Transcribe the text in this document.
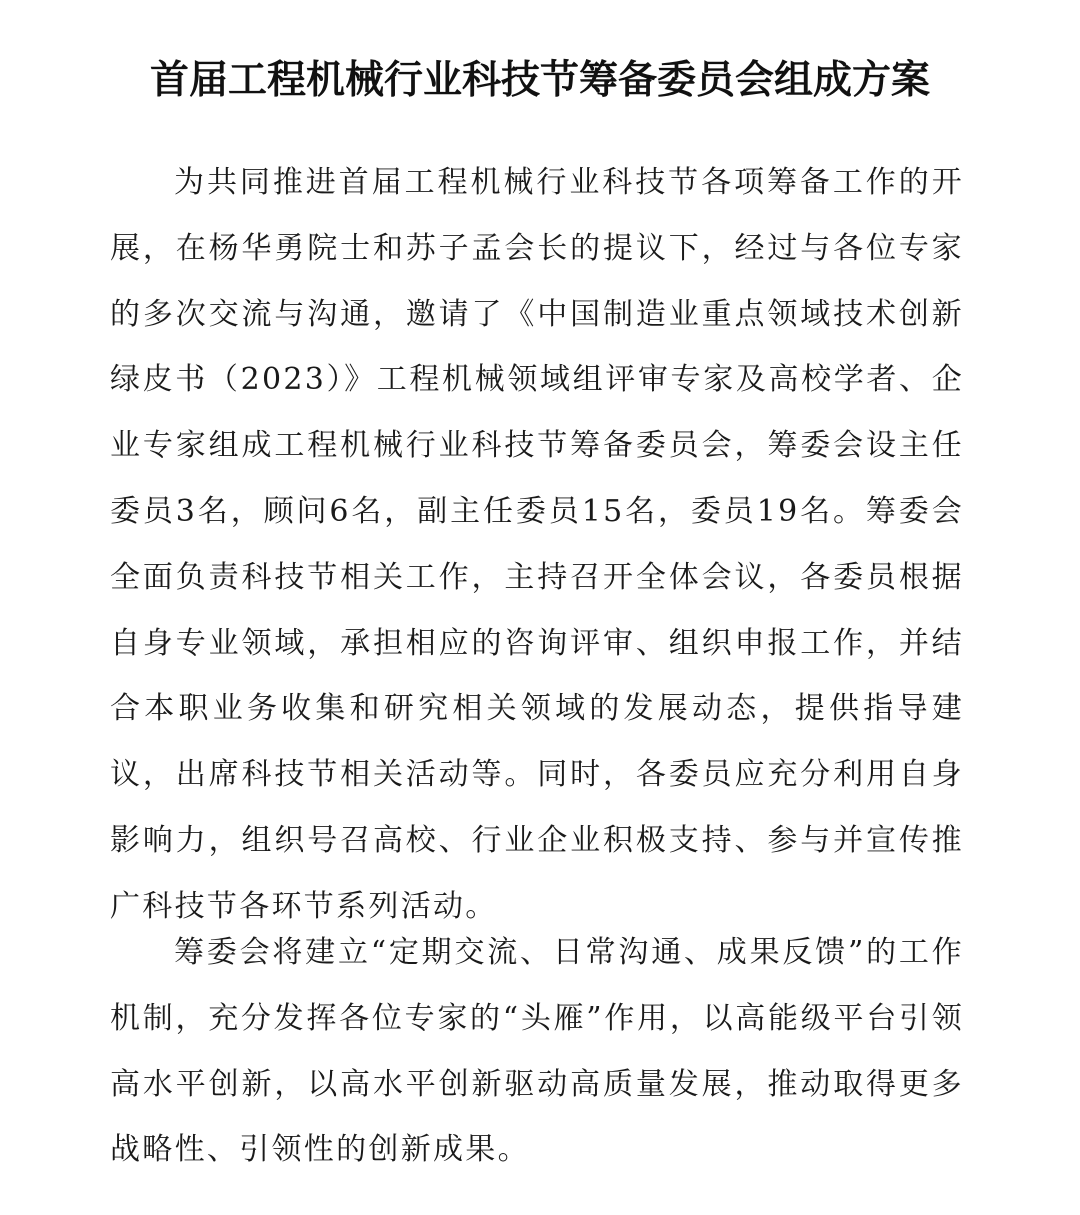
首届工程机械行业科技节筹备委员会组成方案

为共同推进首届工程机械行业科技节各项筹备工作的开展，在杨华勇院士和苏子孟会长的提议下，经过与各位专家的多次交流与沟通，邀请了《中国制造业重点领域技术创新绿皮书（2023）》工程机械领域组评审专家及高校学者、企业专家组成工程机械行业科技节筹备委员会，筹委会设主任委员3名，顾问6名，副主任委员15名，委员19名。筹委会全面负责科技节相关工作，主持召开全体会议，各委员根据自身专业领域，承担相应的咨询评审、组织申报工作，并结合本职业务收集和研究相关领域的发展动态，提供指导建议，出席科技节相关活动等。同时，各委员应充分利用自身影响力，组织号召高校、行业企业积极支持、参与并宣传推广科技节各环节系列活动。

筹委会将建立“定期交流、日常沟通、成果反馈”的工作机制，充分发挥各位专家的“头雁”作用，以高能级平台引领高水平创新，以高水平创新驱动高质量发展，推动取得更多战略性、引领性的创新成果。
